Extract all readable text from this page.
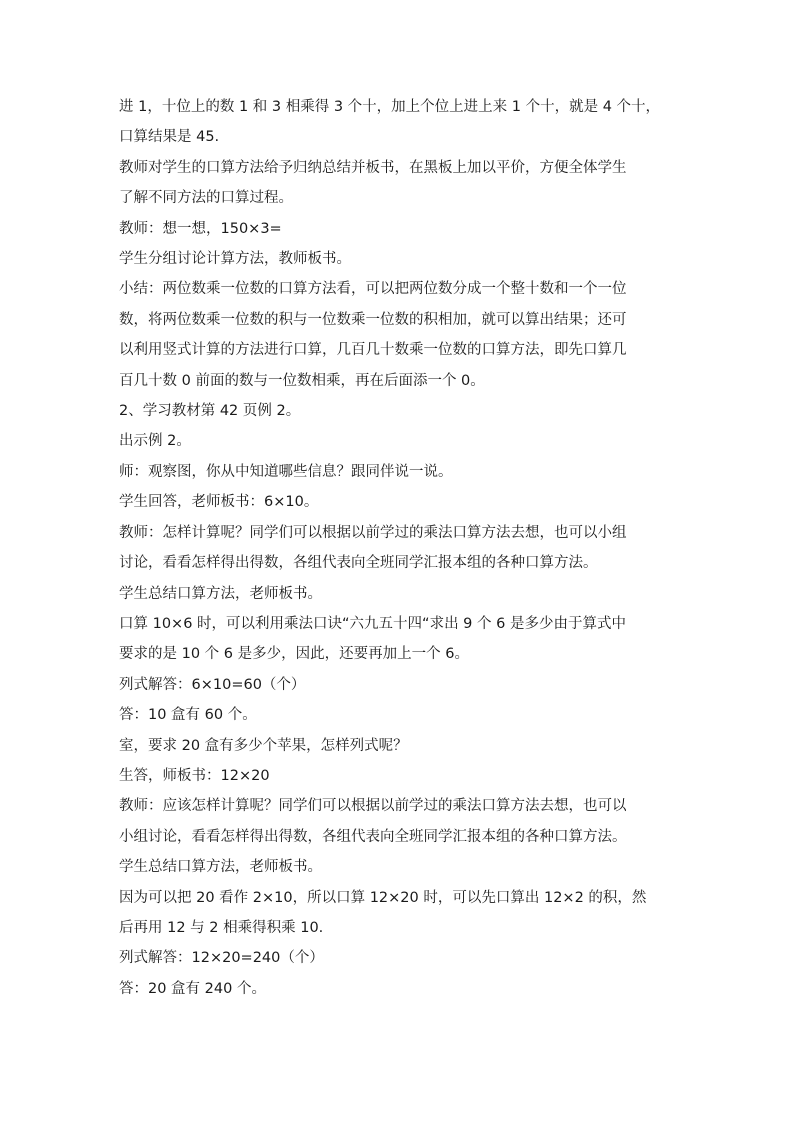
进 1，十位上的数 1 和 3 相乘得 3 个十，加上个位上进上来 1 个十，就是 4 个十，

口算结果是 45.

教师对学生的口算方法给予归纳总结并板书，在黑板上加以平价，方便全体学生

了解不同方法的口算过程。

教师：想一想，150×3=

学生分组讨论计算方法，教师板书。

小结：两位数乘一位数的口算方法看，可以把两位数分成一个整十数和一个一位

数，将两位数乘一位数的积与一位数乘一位数的积相加，就可以算出结果；还可

以利用竖式计算的方法进行口算，几百几十数乘一位数的口算方法，即先口算几

百几十数 0 前面的数与一位数相乘，再在后面添一个 0。

2、学习教材第 42 页例 2。

出示例 2。

师：观察图，你从中知道哪些信息？跟同伴说一说。

学生回答，老师板书：6×10。

教师：怎样计算呢？同学们可以根据以前学过的乘法口算方法去想，也可以小组

讨论，看看怎样得出得数，各组代表向全班同学汇报本组的各种口算方法。

学生总结口算方法，老师板书。

口算 10×6 时，可以利用乘法口诀“六九五十四“求出 9 个 6 是多少由于算式中

要求的是 10 个 6 是多少，因此，还要再加上一个 6。

列式解答：6×10=60（个）

答：10 盒有 60 个。

室，要求 20 盒有多少个苹果，怎样列式呢？

生答，师板书：12×20

教师：应该怎样计算呢？同学们可以根据以前学过的乘法口算方法去想，也可以

小组讨论，看看怎样得出得数，各组代表向全班同学汇报本组的各种口算方法。

学生总结口算方法，老师板书。

因为可以把 20 看作 2×10，所以口算 12×20 时，可以先口算出 12×2 的积，然

后再用 12 与 2 相乘得积乘 10.

列式解答：12×20=240（个）

答：20 盒有 240 个。
